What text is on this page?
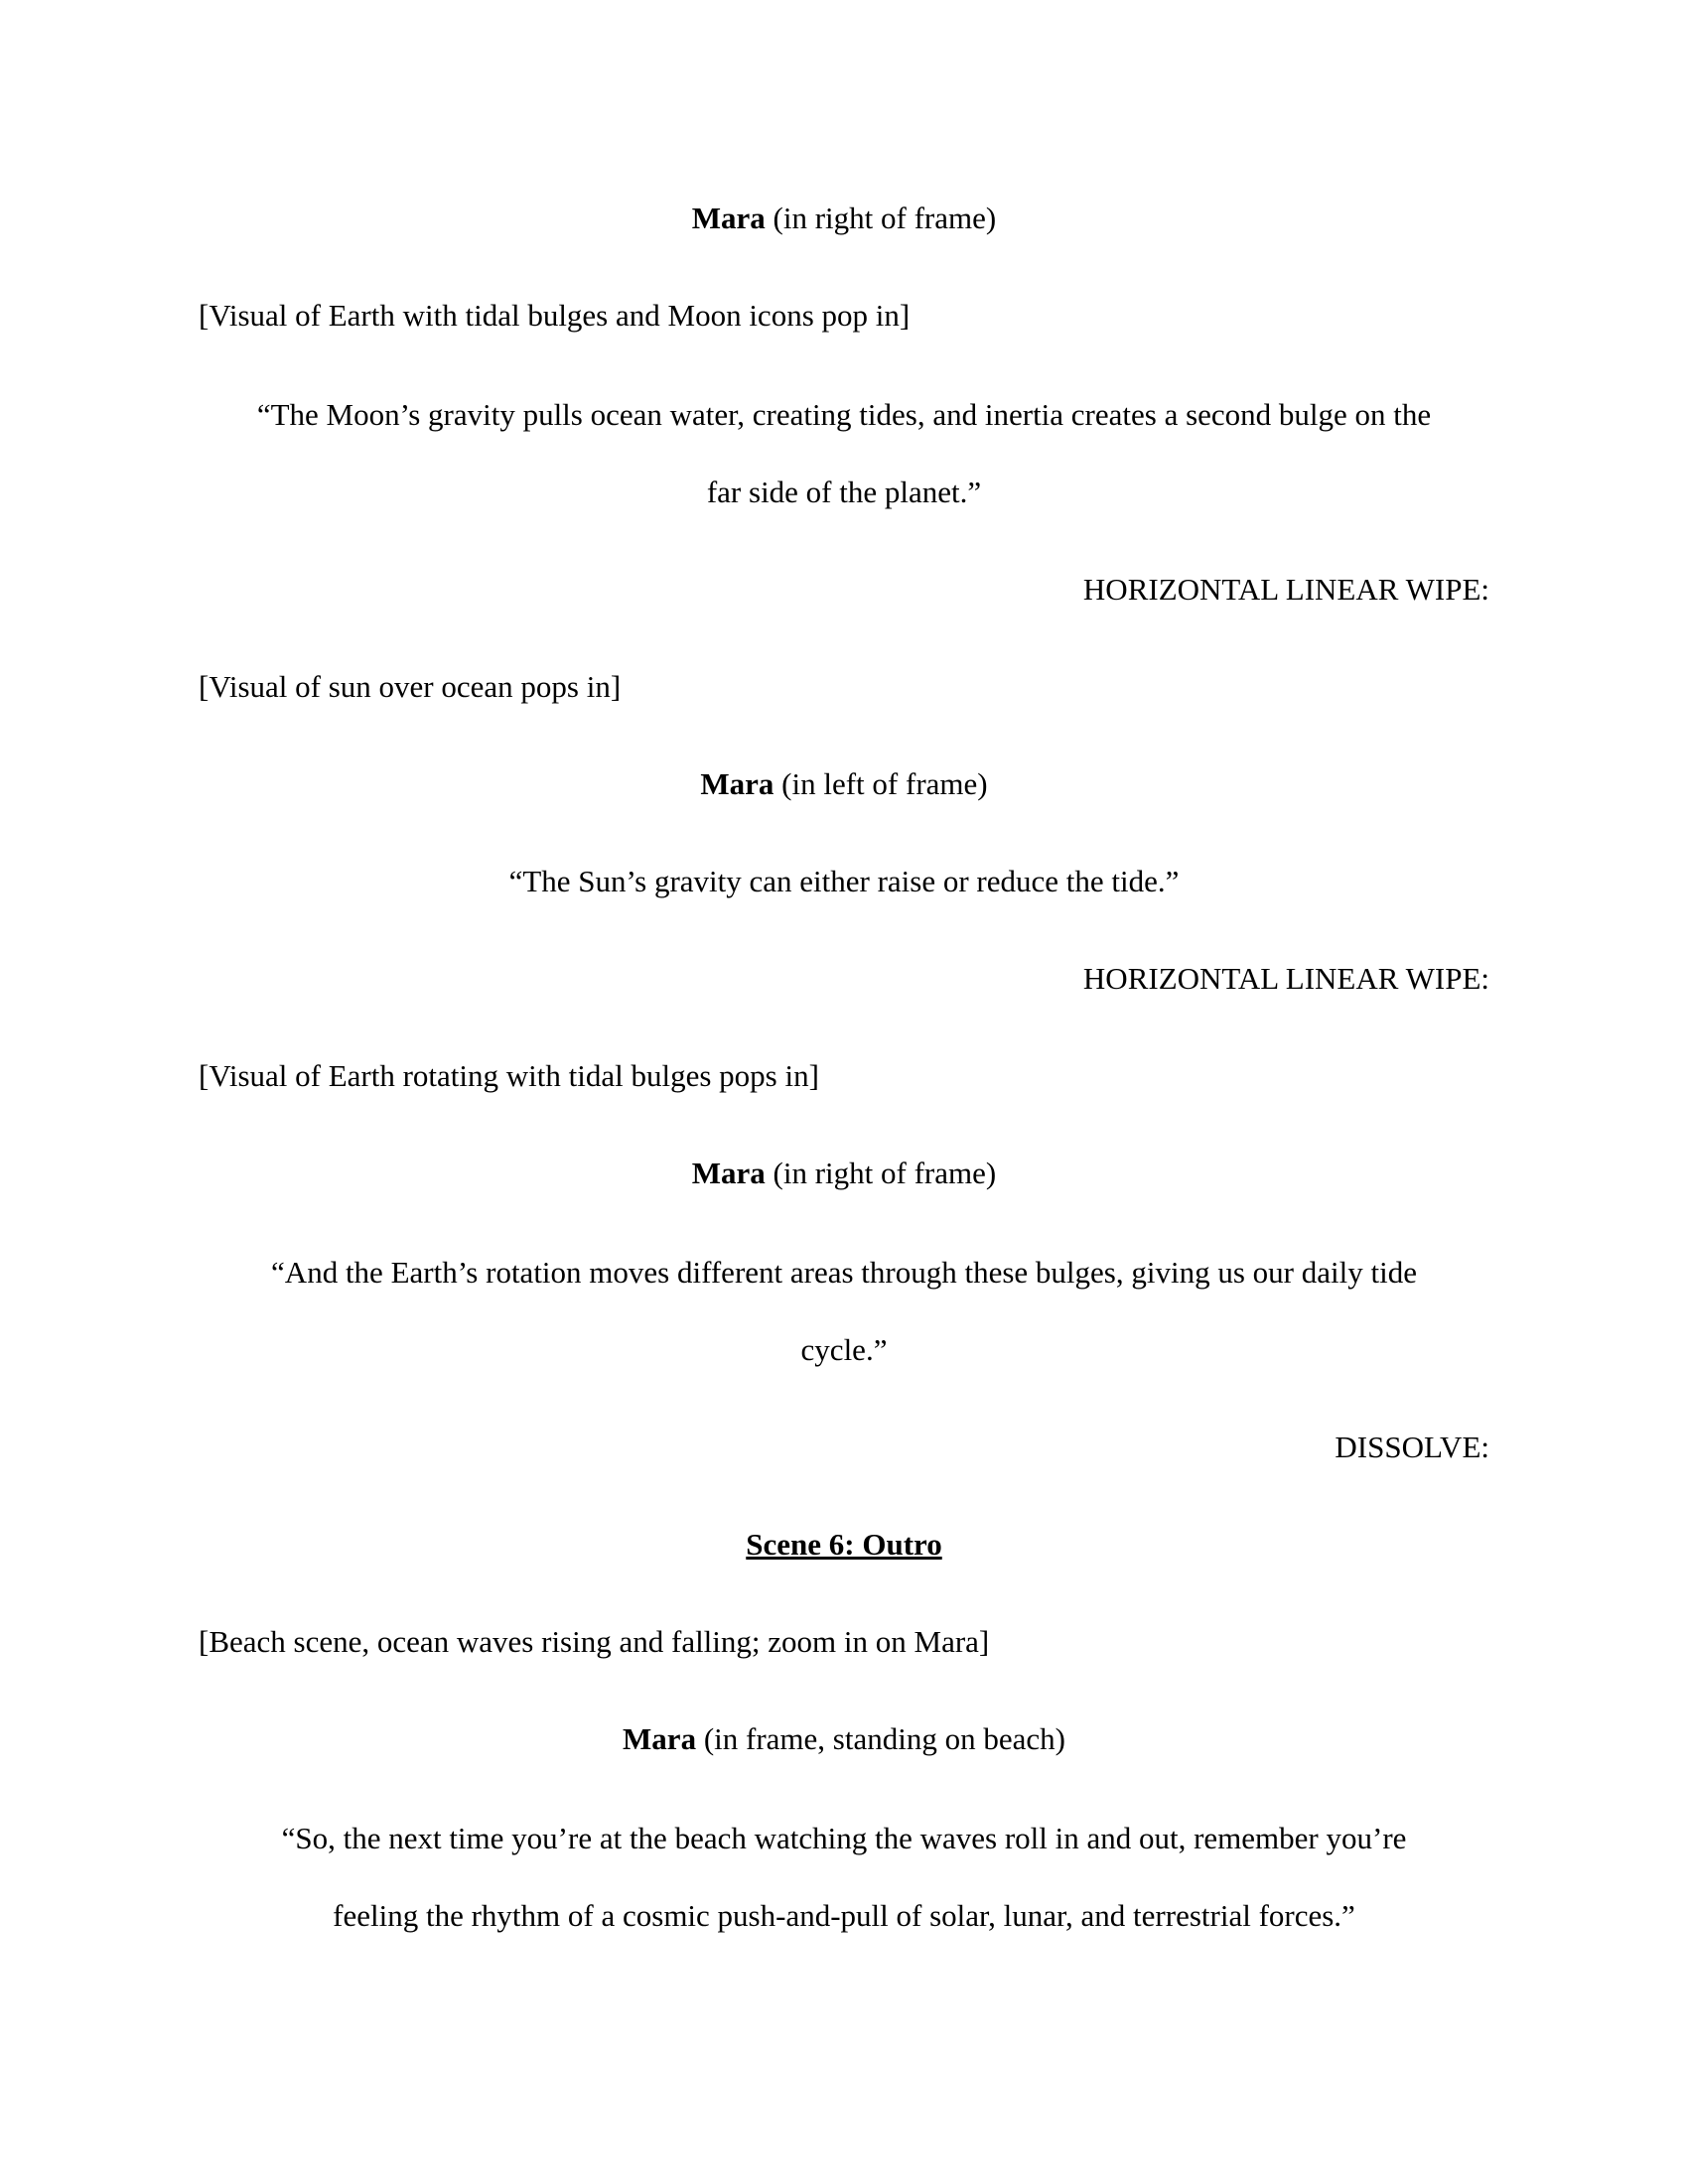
Mara (in right of frame)

[Visual of Earth with tidal bulges and Moon icons pop in]

“The Moon’s gravity pulls ocean water, creating tides, and inertia creates a second bulge on the
far side of the planet.”

HORIZONTAL LINEAR WIPE:

[Visual of sun over ocean pops in]

Mara (in left of frame)

“The Sun’s gravity can either raise or reduce the tide.”

HORIZONTAL LINEAR WIPE:

[Visual of Earth rotating with tidal bulges pops in]

Mara (in right of frame)

“And the Earth’s rotation moves different areas through these bulges, giving us our daily tide
cycle.”

DISSOLVE:

Scene 6: Outro

[Beach scene, ocean waves rising and falling; zoom in on Mara]

Mara (in frame, standing on beach)

“So, the next time you’re at the beach watching the waves roll in and out, remember you’re
feeling the rhythm of a cosmic push-and-pull of solar, lunar, and terrestrial forces.”
